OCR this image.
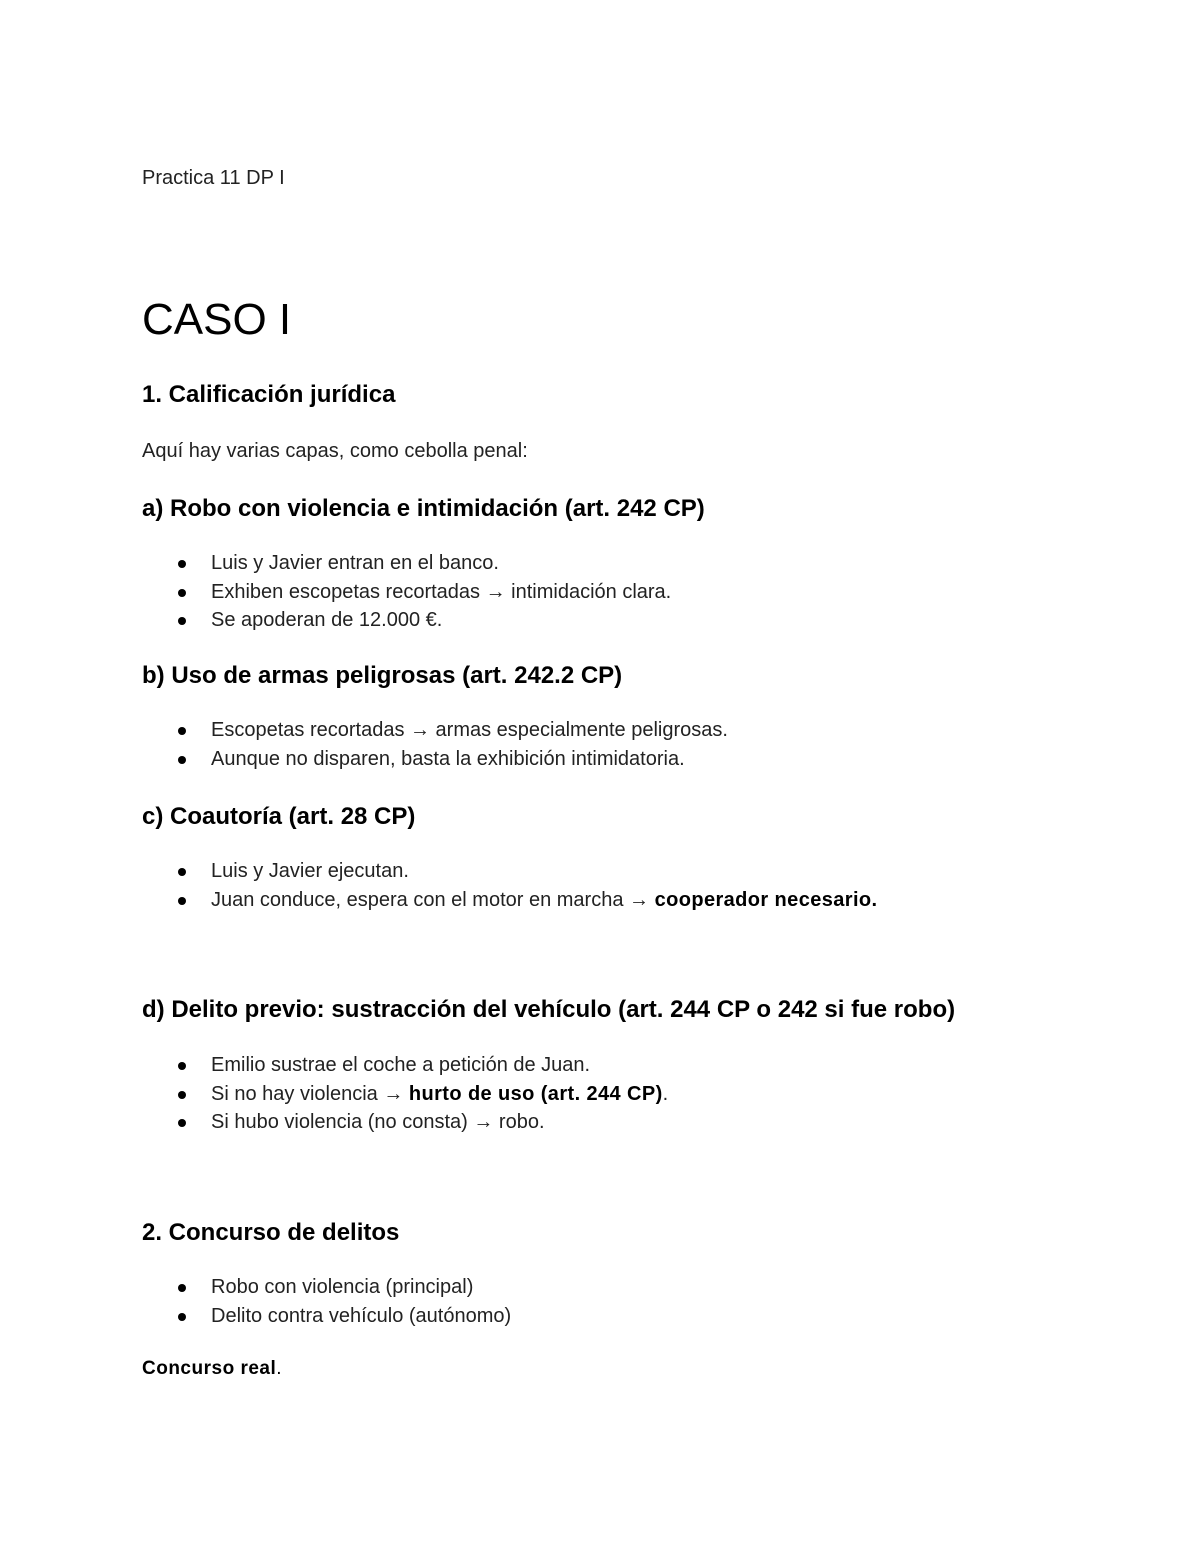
Practica 11 DP I
CASO I
1. Calificación jurídica
Aquí hay varias capas, como cebolla penal:
a) Robo con violencia e intimidación (art. 242 CP)
Luis y Javier entran en el banco.
Exhiben escopetas recortadas → intimidación clara.
Se apoderan de 12.000 €.
b) Uso de armas peligrosas (art. 242.2 CP)
Escopetas recortadas → armas especialmente peligrosas.
Aunque no disparen, basta la exhibición intimidatoria.
c) Coautoría (art. 28 CP)
Luis y Javier ejecutan.
Juan conduce, espera con el motor en marcha → cooperador necesario.
d) Delito previo: sustracción del vehículo (art. 244 CP o 242 si fue robo)
Emilio sustrae el coche a petición de Juan.
Si no hay violencia → hurto de uso (art. 244 CP).
Si hubo violencia (no consta) → robo.
2. Concurso de delitos
Robo con violencia (principal)
Delito contra vehículo (autónomo)
Concurso real.
